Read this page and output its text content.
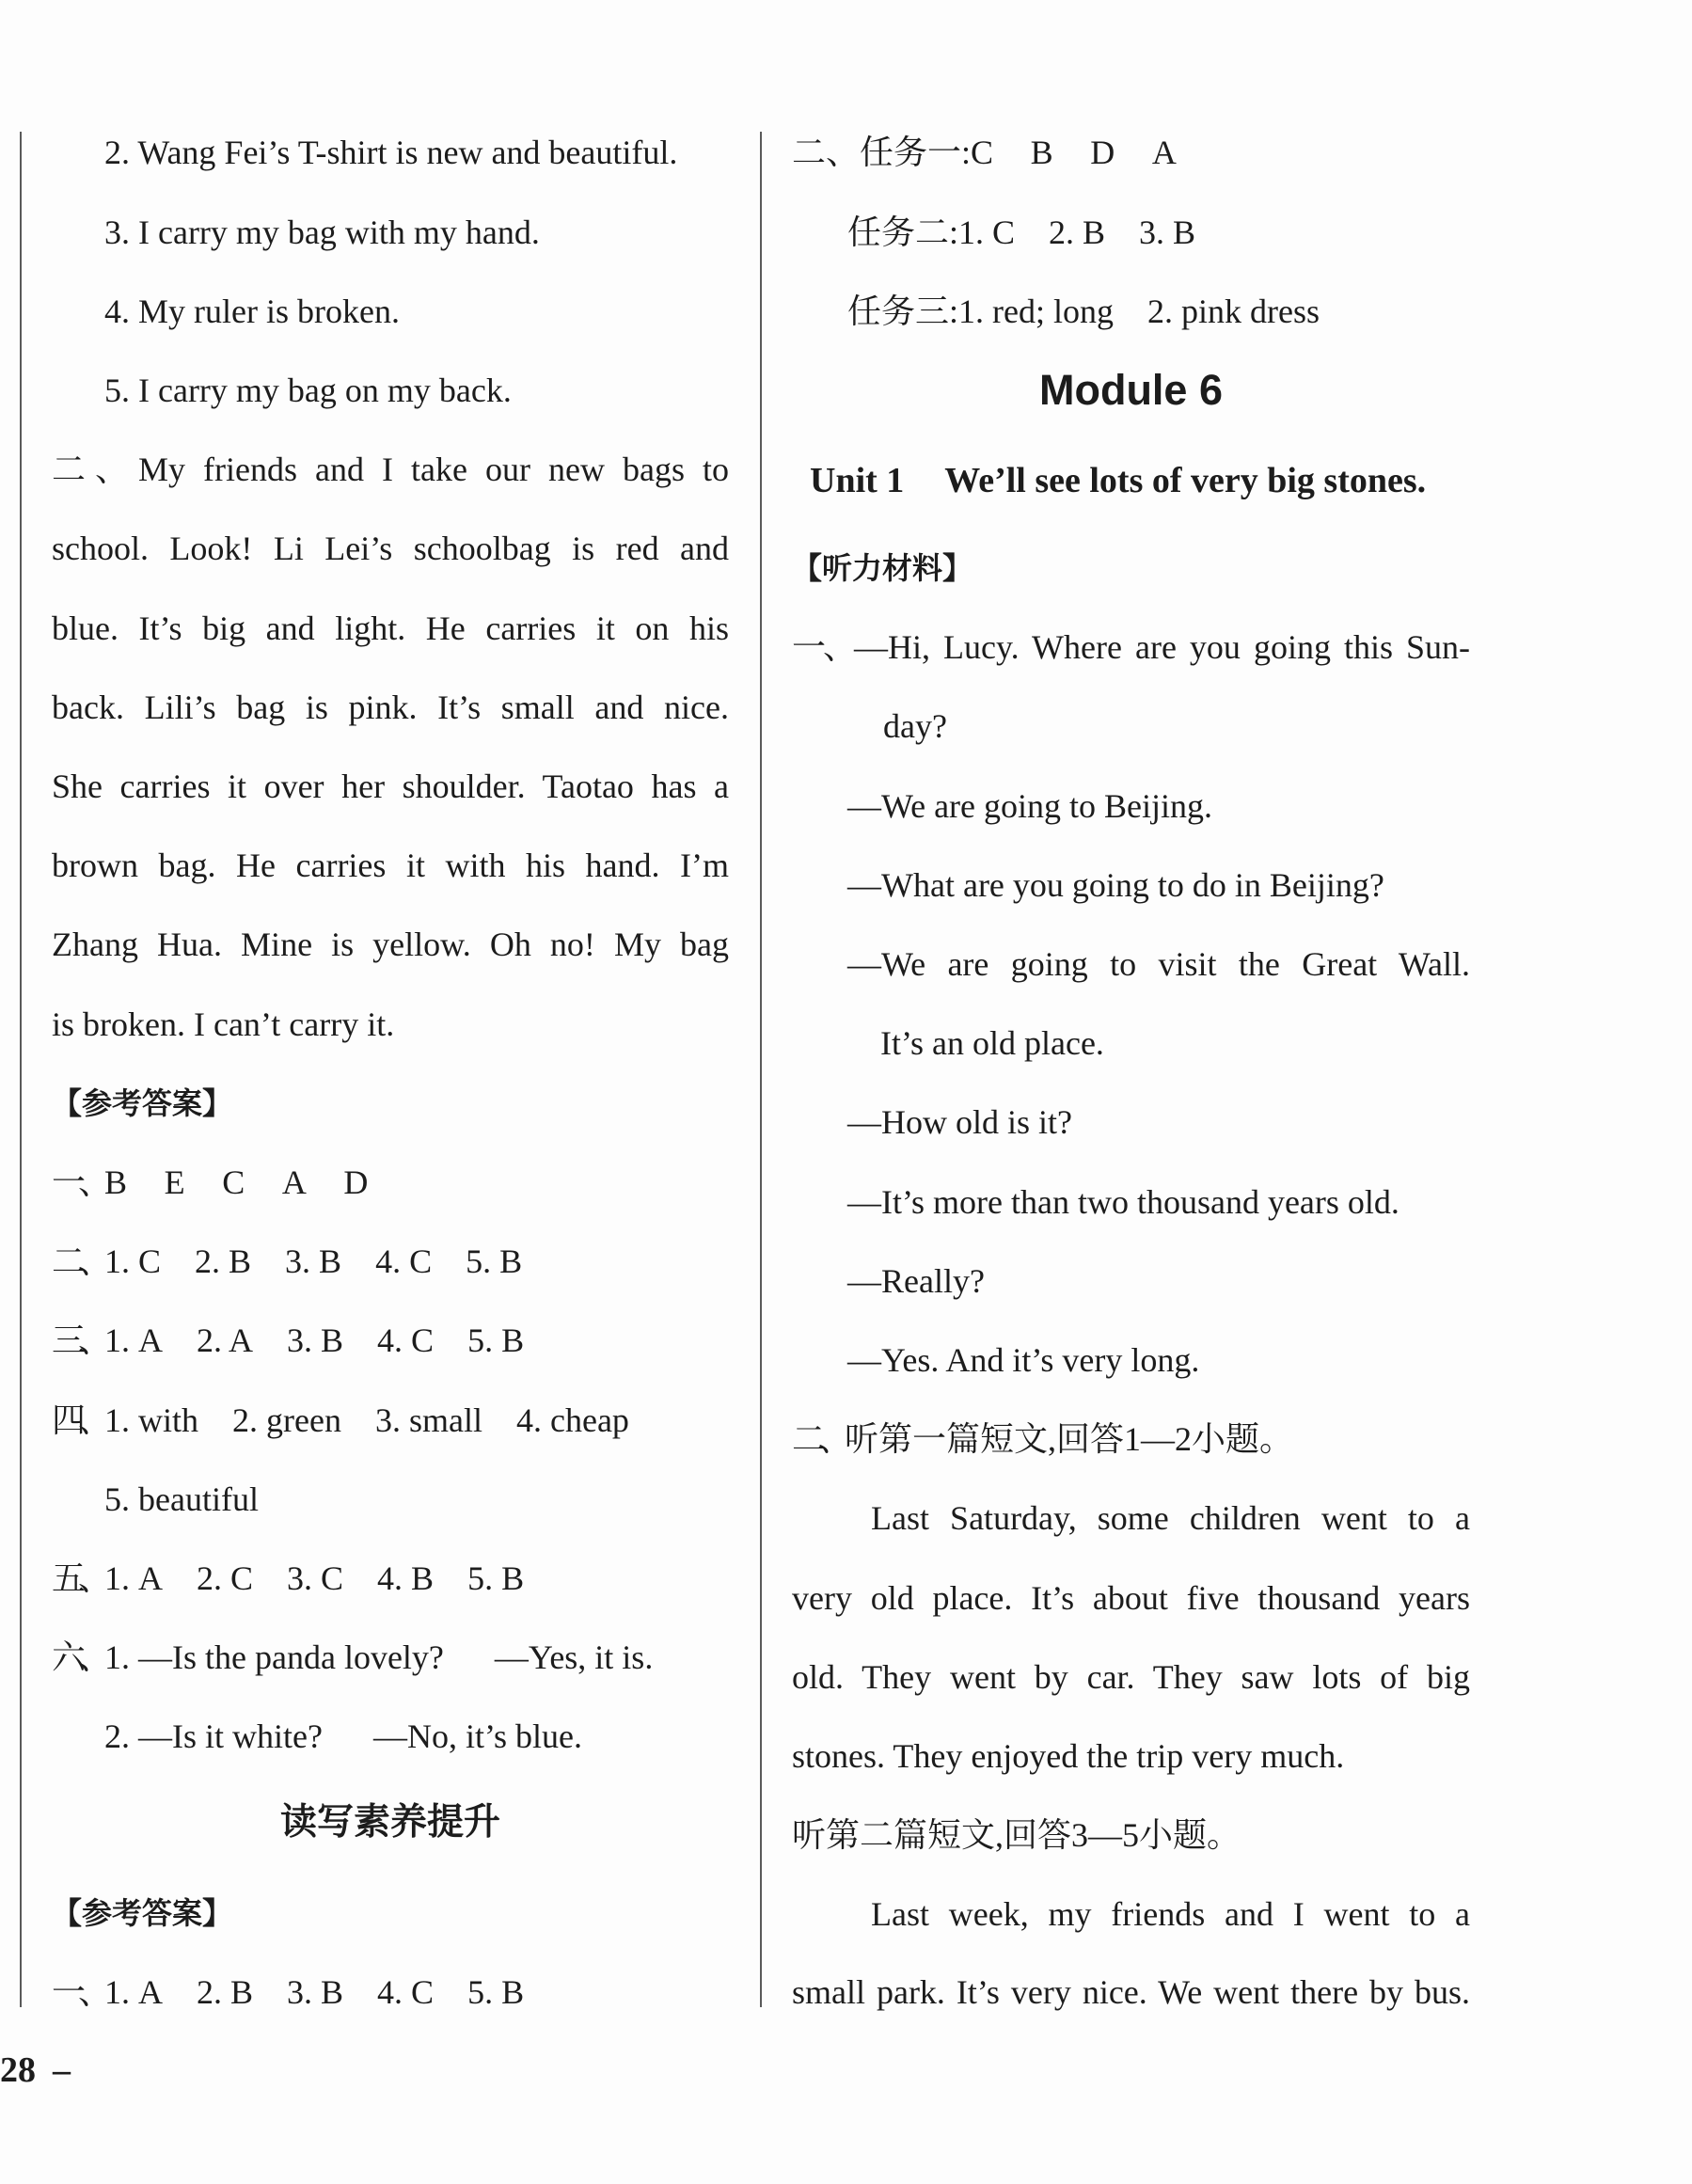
2. Wang Fei’s T-shirt is new and beautiful.
3. I carry my bag with my hand.
4. My ruler is broken.
5. I carry my bag on my back.
二、My friends and I take our new bags to
school. Look! Li Lei’s schoolbag is red and
blue. It’s big and light. He carries it on his
back. Lili’s bag is pink. It’s small and nice.
She carries it over her shoulder. Taotao has a
brown bag. He carries it with his hand. I’m
Zhang Hua. Mine is yellow. Oh no! My bag
is broken. I can’t carry it.
【参考答案】
一、B E C A D
二、1. C 2. B 3. B 4. C 5. B
三、1. A 2. A 3. B 4. C 5. B
四、1. with 2. green 3. small 4. cheap
5. beautiful
五、1. A 2. C 3. C 4. B 5. B
六、1. —Is the panda lovely? —Yes, it is.
2. —Is it white? —No, it’s blue.
读写素养提升
【参考答案】
一、1. A 2. B 3. B 4. C 5. B
二、任务一:C B D A
任务二:1. C 2. B 3. B
任务三:1. red; long 2. pink dress
Module 6
Unit 1 We’ll see lots of very big stones.
【听力材料】
一、—Hi, Lucy. Where are you going this Sun-
day?
—We are going to Beijing.
—What are you going to do in Beijing?
—We are going to visit the Great Wall.
It’s an old place.
—How old is it?
—It’s more than two thousand years old.
—Really?
—Yes. And it’s very long.
二、听第一篇短文,回答1—2小题。
Last Saturday, some children went to a
very old place. It’s about five thousand years
old. They went by car. They saw lots of big
stones. They enjoyed the trip very much.
听第二篇短文,回答3—5小题。
Last week, my friends and I went to a
small park. It’s very nice. We went there by bus.
28 –
